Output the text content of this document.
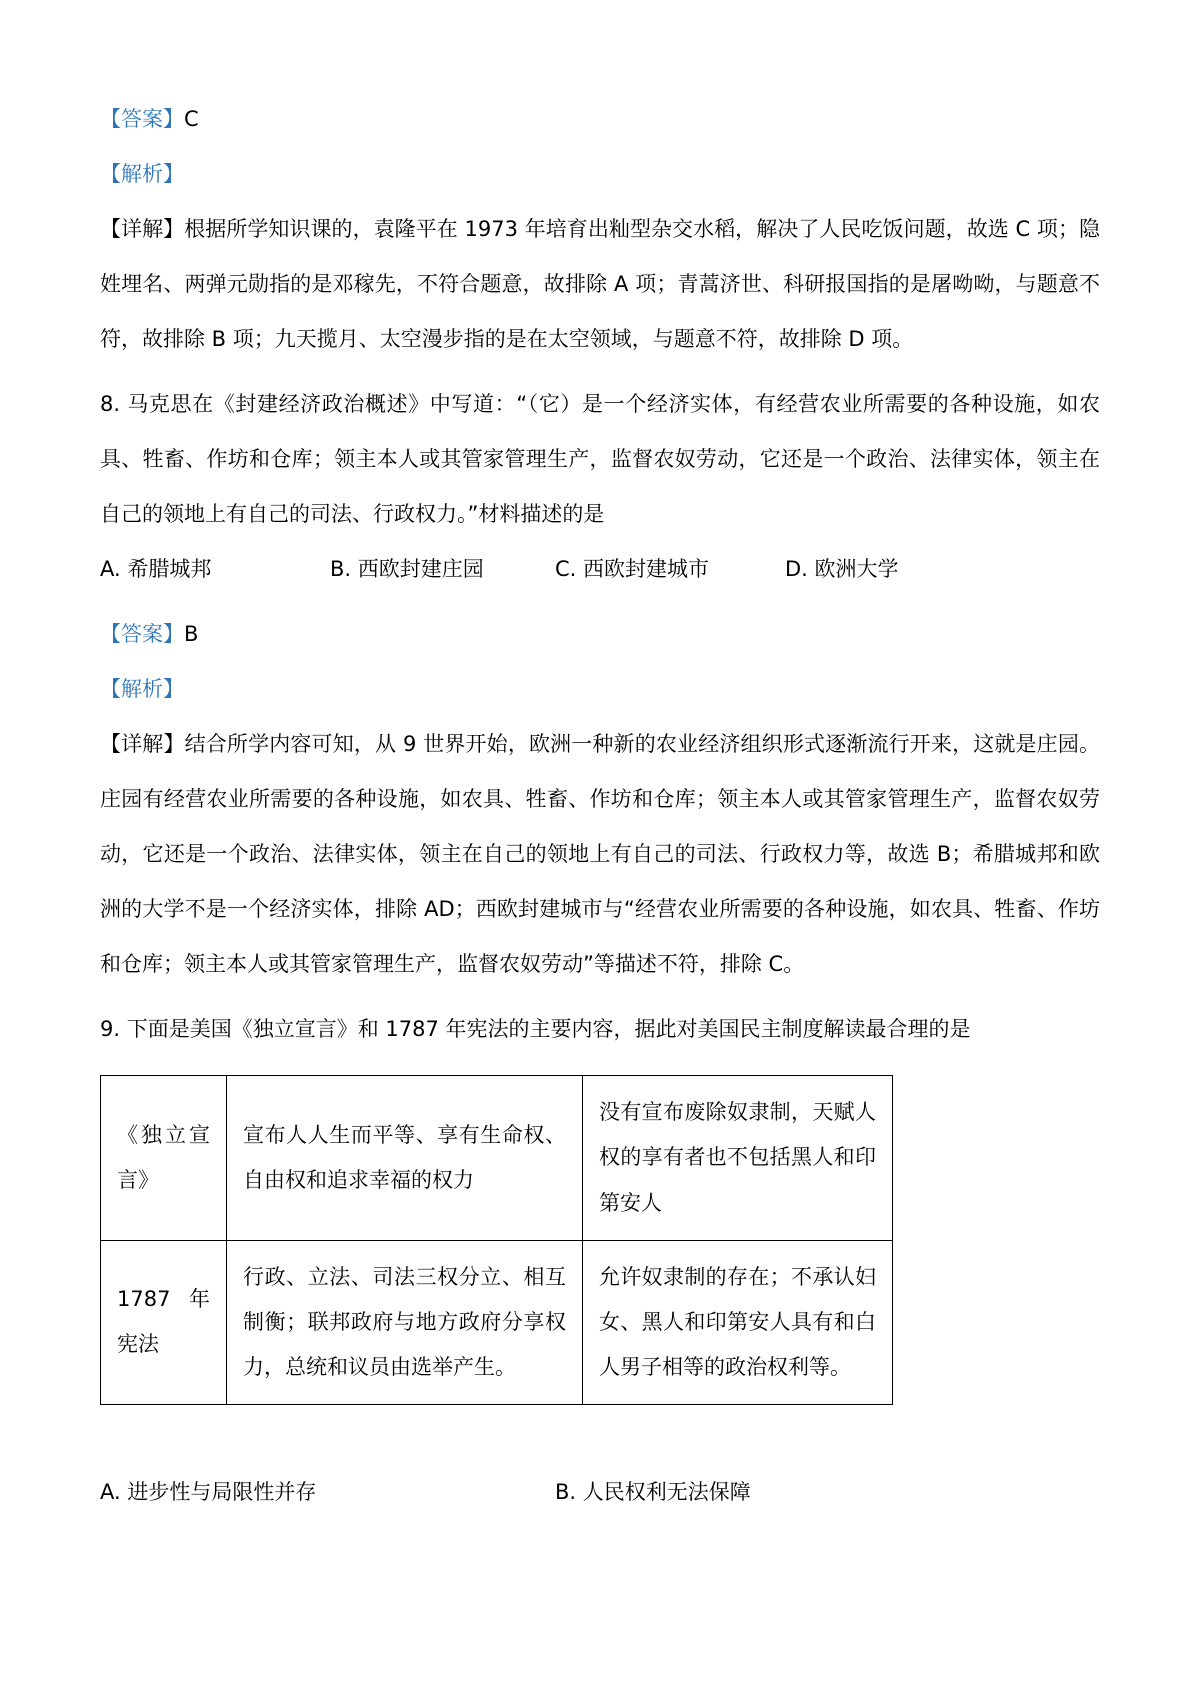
【答案】C

【解析】

【详解】根据所学知识课的，袁隆平在 1973 年培育出籼型杂交水稻，解决了人民吃饭问题，故选 C 项；隐姓埋名、两弹元勋指的是邓稼先，不符合题意，故排除 A 项；青蒿济世、科研报国指的是屠呦呦，与题意不符，故排除 B 项；九天揽月、太空漫步指的是在太空领域，与题意不符，故排除 D 项。

8. 马克思在《封建经济政治概述》中写道：“（它）是一个经济实体，有经营农业所需要的各种设施，如农具、牲畜、作坊和仓库；领主本人或其管家管理生产，监督农奴劳动，它还是一个政治、法律实体，领主在自己的领地上有自己的司法、行政权力。”材料描述的是

A. 希腊城邦	B. 西欧封建庄园	C. 西欧封建城市	D. 欧洲大学

【答案】B

【解析】

【详解】结合所学内容可知，从 9 世界开始，欧洲一种新的农业经济组织形式逐渐流行开来，这就是庄园。庄园有经营农业所需要的各种设施，如农具、牲畜、作坊和仓库；领主本人或其管家管理生产，监督农奴劳动，它还是一个政治、法律实体，领主在自己的领地上有自己的司法、行政权力等，故选 B；希腊城邦和欧洲的大学不是一个经济实体，排除 AD；西欧封建城市与“经营农业所需要的各种设施，如农具、牲畜、作坊和仓库；领主本人或其管家管理生产，监督农奴劳动”等描述不符，排除 C。

9. 下面是美国《独立宣言》和 1787 年宪法的主要内容，据此对美国民主制度解读最合理的是

《独立宣言》	宣布人人生而平等、享有生命权、自由权和追求幸福的权力	没有宣布废除奴隶制，天赋人权的享有者也不包括黑人和印第安人
1787 年宪法	行政、立法、司法三权分立、相互制衡；联邦政府与地方政府分享权力，总统和议员由选举产生。	允许奴隶制的存在；不承认妇女、黑人和印第安人具有和白人男子相等的政治权利等。
A. 进步性与局限性并存	B. 人民权利无法保障
